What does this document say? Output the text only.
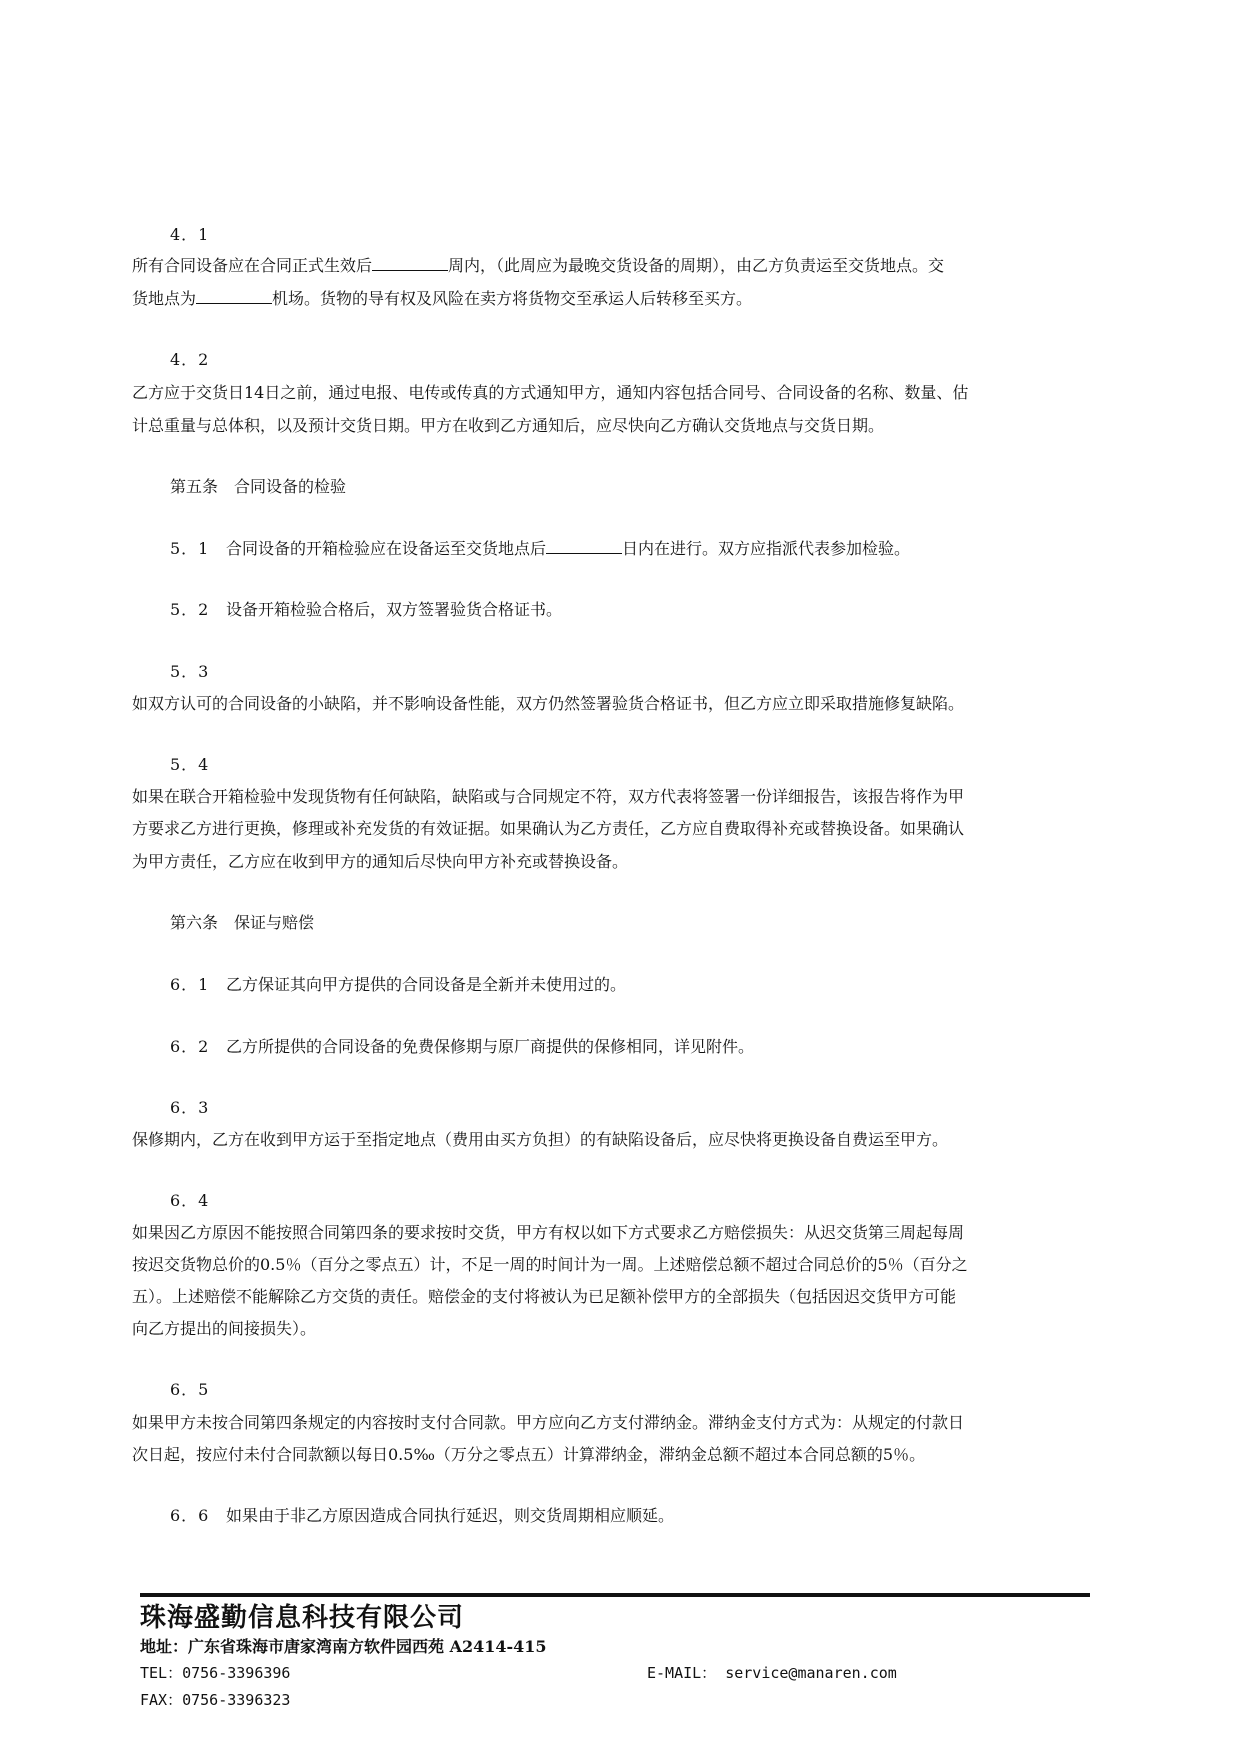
4．1
所有合同设备应在合同正式生效后	周内，（此周应为最晚交货设备的周期），由乙方负责运至交货地点。交
货地点为	机场。货物的导有权及风险在卖方将货物交至承运人后转移至买方。
4．2
乙方应于交货日14日之前，通过电报、电传或传真的方式通知甲方，通知内容包括合同号、合同设备的名称、数量、估
计总重量与总体积，以及预计交货日期。甲方在收到乙方通知后，应尽快向乙方确认交货地点与交货日期。
第五条　合同设备的检验
5．1 合同设备的开箱检验应在设备运至交货地点后	日内在进行。双方应指派代表参加检验。
5．2 设备开箱检验合格后，双方签署验货合格证书。
5．3
如双方认可的合同设备的小缺陷，并不影响设备性能，双方仍然签署验货合格证书，但乙方应立即采取措施修复缺陷。
5．4
如果在联合开箱检验中发现货物有任何缺陷，缺陷或与合同规定不符，双方代表将签署一份详细报告，该报告将作为甲
方要求乙方进行更换，修理或补充发货的有效证据。如果确认为乙方责任，乙方应自费取得补充或替换设备。如果确认
为甲方责任，乙方应在收到甲方的通知后尽快向甲方补充或替换设备。
第六条　保证与赔偿
6．1 乙方保证其向甲方提供的合同设备是全新并未使用过的。
6．2 乙方所提供的合同设备的免费保修期与原厂商提供的保修相同，详见附件。
6．3
保修期内，乙方在收到甲方运于至指定地点（费用由买方负担）的有缺陷设备后，应尽快将更换设备自费运至甲方。
6．4
如果因乙方原因不能按照合同第四条的要求按时交货，甲方有权以如下方式要求乙方赔偿损失：从迟交货第三周起每周
按迟交货物总价的0.5％（百分之零点五）计，不足一周的时间计为一周。上述赔偿总额不超过合同总价的5％（百分之
五）。上述赔偿不能解除乙方交货的责任。赔偿金的支付将被认为已足额补偿甲方的全部损失（包括因迟交货甲方可能
向乙方提出的间接损失）。
6．5
如果甲方未按合同第四条规定的内容按时支付合同款。甲方应向乙方支付滞纳金。滞纳金支付方式为：从规定的付款日
次日起，按应付未付合同款额以每日0.5‰（万分之零点五）计算滞纳金，滞纳金总额不超过本合同总额的5％。
6．6 如果由于非乙方原因造成合同执行延迟，则交货周期相应顺延。
珠海盛勤信息科技有限公司
地址：广东省珠海市唐家湾南方软件园西苑 A2414-415
TEL：0756-3396396
FAX：0756-3396323
E-MAIL： service@manaren.com
